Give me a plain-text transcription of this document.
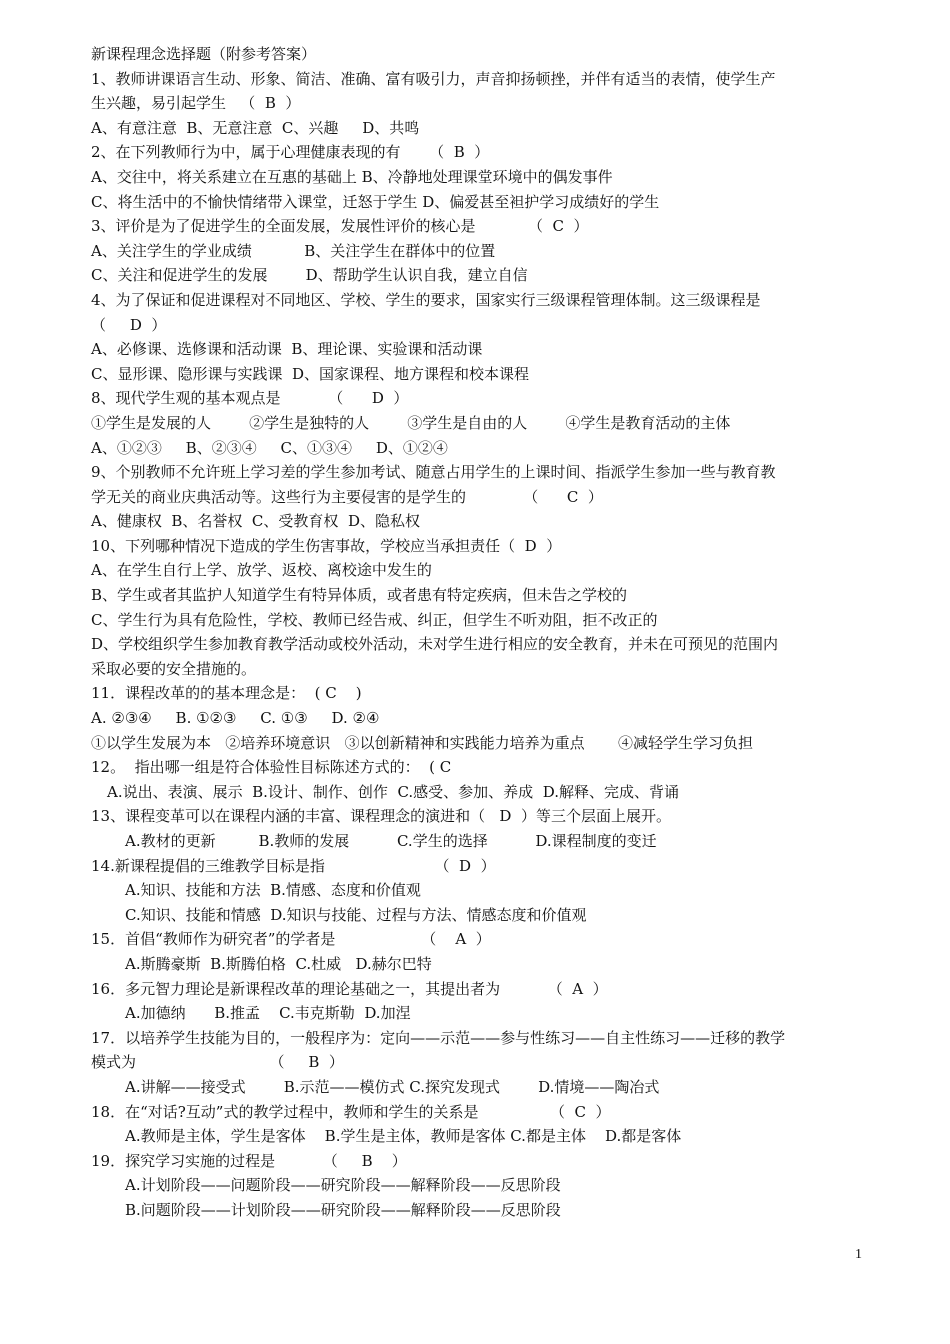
新课程理念选择题（附参考答案）
1、教师讲课语言生动、形象、简洁、准确、富有吸引力，声音抑扬顿挫，并伴有适当的表情，使学生产
生兴趣，易引起学生   （  B  ）
A、有意注意  B、无意注意  C、兴趣     D、共鸣
2、在下列教师行为中，属于心理健康表现的有      （  B  ）
A、交往中，将关系建立在互惠的基础上 B、冷静地处理课堂环境中的偶发事件
C、将生活中的不愉快情绪带入课堂，迁怒于学生 D、偏爱甚至袒护学习成绩好的学生
3、评价是为了促进学生的全面发展，发展性评价的核心是           （  C  ）
A、关注学生的学业成绩           B、关注学生在群体中的位置
C、关注和促进学生的发展        D、帮助学生认识自我，建立自信
4、为了保证和促进课程对不同地区、学校、学生的要求，国家实行三级课程管理体制。这三级课程是
（     D  ）
A、必修课、选修课和活动课  B、理论课、实验课和活动课
C、显形课、隐形课与实践课  D、国家课程、地方课程和校本课程
8、现代学生观的基本观点是          （      D  ）
①学生是发展的人        ②学生是独特的人        ③学生是自由的人        ④学生是教育活动的主体
A、①②③     B、②③④     C、①③④     D、①②④
9、个别教师不允许班上学习差的学生参加考试、随意占用学生的上课时间、指派学生参加一些与教育教
学无关的商业庆典活动等。这些行为主要侵害的是学生的            （      C  ）
A、健康权  B、名誉权  C、受教育权  D、隐私权
10、下列哪种情况下造成的学生伤害事故，学校应当承担责任（  D  ）
A、在学生自行上学、放学、返校、离校途中发生的
B、学生或者其监护人知道学生有特异体质，或者患有特定疾病，但未告之学校的
C、学生行为具有危险性，学校、教师已经告戒、纠正，但学生不听劝阻，拒不改正的
D、学校组织学生参加教育教学活动或校外活动，未对学生进行相应的安全教育，并未在可预见的范围内
采取必要的安全措施的。
11．课程改革的的基本理念是：  ( C    )
A. ②③④     B. ①②③     C. ①③     D. ②④
①以学生发展为本   ②培养环境意识   ③以创新精神和实践能力培养为重点       ④减轻学生学习负担
12。  指出哪一组是符合体验性目标陈述方式的：  ( C
A.说出、表演、展示  B.设计、制作、创作  C.感受、参加、养成  D.解释、完成、背诵
13、课程变革可以在课程内涵的丰富、课程理念的演进和（   D  ）等三个层面上展开。
A.教材的更新         B.教师的发展          C.学生的选择          D.课程制度的变迁
14.新课程提倡的三维教学目标是指                       （  D  ）
A.知识、技能和方法  B.情感、态度和价值观
C.知识、技能和情感  D.知识与技能、过程与方法、情感态度和价值观
15．首倡“教师作为研究者”的学者是                  （    A  ）
A.斯腾豪斯  B.斯腾伯格  C.杜威   D.赫尔巴特
16．多元智力理论是新课程改革的理论基础之一，其提出者为          （  A  ）
A.加德纳      B.推孟    C.韦克斯勒  D.加涅
17．以培养学生技能为目的，一般程序为：定向——示范——参与性练习——自主性练习——迁移的教学
模式为                            （     B  ）
A.讲解——接受式        B.示范——模仿式 C.探究发现式        D.情境——陶冶式
18．在“对话?互动”式的教学过程中，教师和学生的关系是               （  C  ）
A.教师是主体，学生是客体    B.学生是主体，教师是客体 C.都是主体    D.都是客体
19．探究学习实施的过程是          （     B    ）
A.计划阶段——问题阶段——研究阶段——解释阶段——反思阶段
B.问题阶段——计划阶段——研究阶段——解释阶段——反思阶段
1
